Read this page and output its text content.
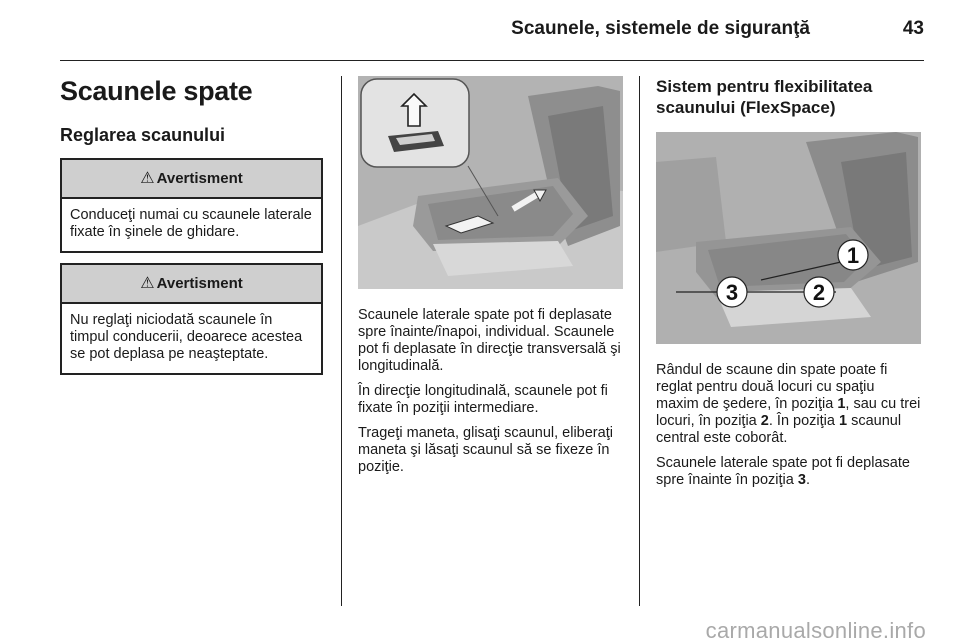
Scaunele, sistemele de siguranţă	43
Scaunele spate
Reglarea scaunului
⚠ Avertisment
Conduceţi numai cu scaunele laterale fixate în şinele de ghidare.
⚠ Avertisment
Nu reglaţi niciodată scaunele în timpul conducerii, deoarece acestea se pot deplasa pe neaşteptate.

Scaunele laterale spate pot fi deplasate spre înainte/înapoi, individual. Scaunele pot fi deplasate în direcţie transversală şi longitudinală.

În direcţie longitudinală, scaunele pot fi fixate în poziţii intermediare.

Trageţi maneta, glisaţi scaunul, eliberaţi maneta şi lăsaţi scaunul să se fixeze în poziţie.

Sistem pentru flexibilitatea scaunului (FlexSpace)
1
2
3

Rândul de scaune din spate poate fi reglat pentru două locuri cu spaţiu maxim de şedere, în poziţia 1, sau cu trei locuri, în poziţia 2. În poziţia 1 scaunul central este coborât.

Scaunele laterale spate pot fi deplasate spre înainte în poziţia 3.

carmanualsonline.info
